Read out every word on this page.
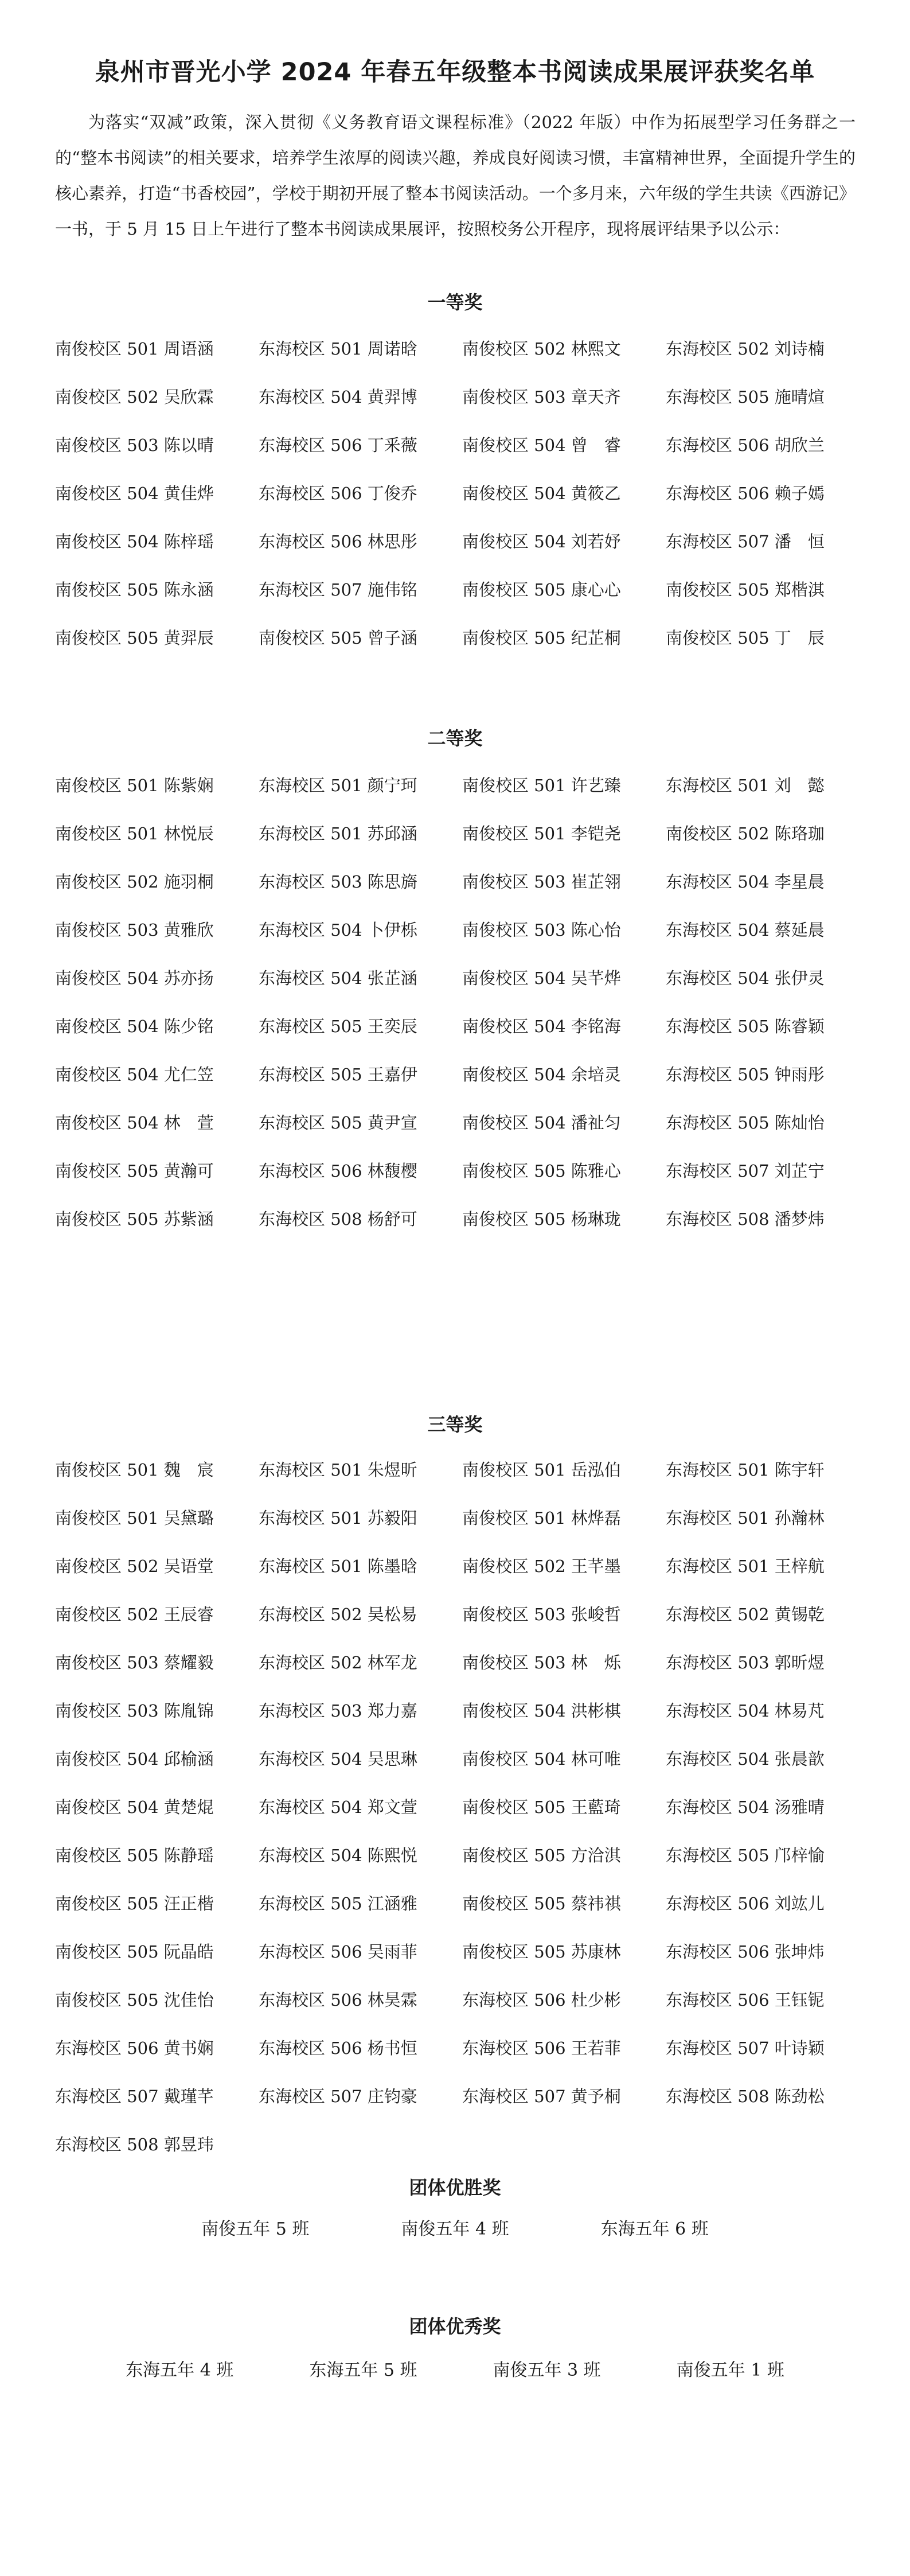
泉州市晋光小学 2024 年春五年级整本书阅读成果展评获奖名单

为落实“双减”政策，深入贯彻《义务教育语文课程标准》（2022 年版）中作为拓展型学习任务群之一的“整本书阅读”的相关要求，培养学生浓厚的阅读兴趣，养成良好阅读习惯，丰富精神世界，全面提升学生的核心素养，打造“书香校园”，学校于期初开展了整本书阅读活动。一个多月来，六年级的学生共读《西游记》一书，于 5 月 15 日上午进行了整本书阅读成果展评，按照校务公开程序，现将展评结果予以公示：

一等奖
南俊校区 501 周语涵	东海校区 501 周诺晗	南俊校区 502 林熙文	东海校区 502 刘诗楠
南俊校区 502 吴欣霖	东海校区 504 黄羿博	南俊校区 503 章天齐	东海校区 505 施晴煊
南俊校区 503 陈以晴	东海校区 506 丁釆薇	南俊校区 504 曾　睿	东海校区 506 胡欣兰
南俊校区 504 黄佳烨	东海校区 506 丁俊乔	南俊校区 504 黄筱乙	东海校区 506 赖子嫣
南俊校区 504 陈梓瑶	东海校区 506 林思彤	南俊校区 504 刘若妤	东海校区 507 潘　恒
南俊校区 505 陈永涵	东海校区 507 施伟铭	南俊校区 505 康心心	南俊校区 505 郑楷淇
南俊校区 505 黄羿辰	南俊校区 505 曾子涵	南俊校区 505 纪芷桐	南俊校区 505 丁　辰
二等奖
南俊校区 501 陈紫娴	东海校区 501 颜宁珂	南俊校区 501 许艺臻	东海校区 501 刘　懿
南俊校区 501 林悦辰	东海校区 501 苏邱涵	南俊校区 501 李铠尧	南俊校区 502 陈珞珈
南俊校区 502 施羽桐	东海校区 503 陈思旖	南俊校区 503 崔芷翎	东海校区 504 李星晨
南俊校区 503 黄雅欣	东海校区 504 卜伊栎	南俊校区 503 陈心怡	东海校区 504 蔡延晨
南俊校区 504 苏亦扬	东海校区 504 张芷涵	南俊校区 504 吴芊烨	东海校区 504 张伊灵
南俊校区 504 陈少铭	东海校区 505 王奕辰	南俊校区 504 李铭海	东海校区 505 陈睿颖
南俊校区 504 尤仁笠	东海校区 505 王嘉伊	南俊校区 504 余培灵	东海校区 505 钟雨彤
南俊校区 504 林　萱	东海校区 505 黄尹宣	南俊校区 504 潘祉匀	东海校区 505 陈灿怡
南俊校区 505 黄瀚可	东海校区 506 林馥樱	南俊校区 505 陈雅心	东海校区 507 刘芷宁
南俊校区 505 苏紫涵	东海校区 508 杨舒可	南俊校区 505 杨琳珑	东海校区 508 潘梦炜
三等奖
南俊校区 501 魏　宸	东海校区 501 朱煜昕	南俊校区 501 岳泓伯	东海校区 501 陈宇轩
南俊校区 501 吴黛璐	东海校区 501 苏毅阳	南俊校区 501 林烨磊	东海校区 501 孙瀚林
南俊校区 502 吴语堂	东海校区 501 陈墨晗	南俊校区 502 王芊墨	东海校区 501 王梓航
南俊校区 502 王辰睿	东海校区 502 吴松易	南俊校区 503 张峻哲	东海校区 502 黄锡乾
南俊校区 503 蔡耀毅	东海校区 502 林军龙	南俊校区 503 林　烁	东海校区 503 郭昕煜
南俊校区 503 陈胤锦	东海校区 503 郑力嘉	南俊校区 504 洪彬棋	东海校区 504 林易芃
南俊校区 504 邱榆涵	东海校区 504 吴思琳	南俊校区 504 林可唯	东海校区 504 张晨歆
南俊校区 504 黄楚焜	东海校区 504 郑文萱	南俊校区 505 王藍琦	东海校区 504 汤雅晴
南俊校区 505 陈静瑶	东海校区 504 陈熙悦	南俊校区 505 方洽淇	东海校区 505 邝梓愉
南俊校区 505 汪正楷	东海校区 505 江涵雅	南俊校区 505 蔡祎祺	东海校区 506 刘竑儿
南俊校区 505 阮晶皓	东海校区 506 吴雨菲	南俊校区 505 苏康林	东海校区 506 张坤炜
南俊校区 505 沈佳怡	东海校区 506 林昊霖	东海校区 506 杜少彬	东海校区 506 王钰铌
东海校区 506 黄书娴	东海校区 506 杨书恒	东海校区 506 王若菲	东海校区 507 叶诗颖
东海校区 507 戴瑾芊	东海校区 507 庄钧豪	东海校区 507 黄予桐	东海校区 508 陈劲松
东海校区 508 郭昱玮
团体优胜奖
南俊五年 5 班	南俊五年 4 班	东海五年 6 班
团体优秀奖
东海五年 4 班	东海五年 5 班	南俊五年 3 班	南俊五年 1 班
